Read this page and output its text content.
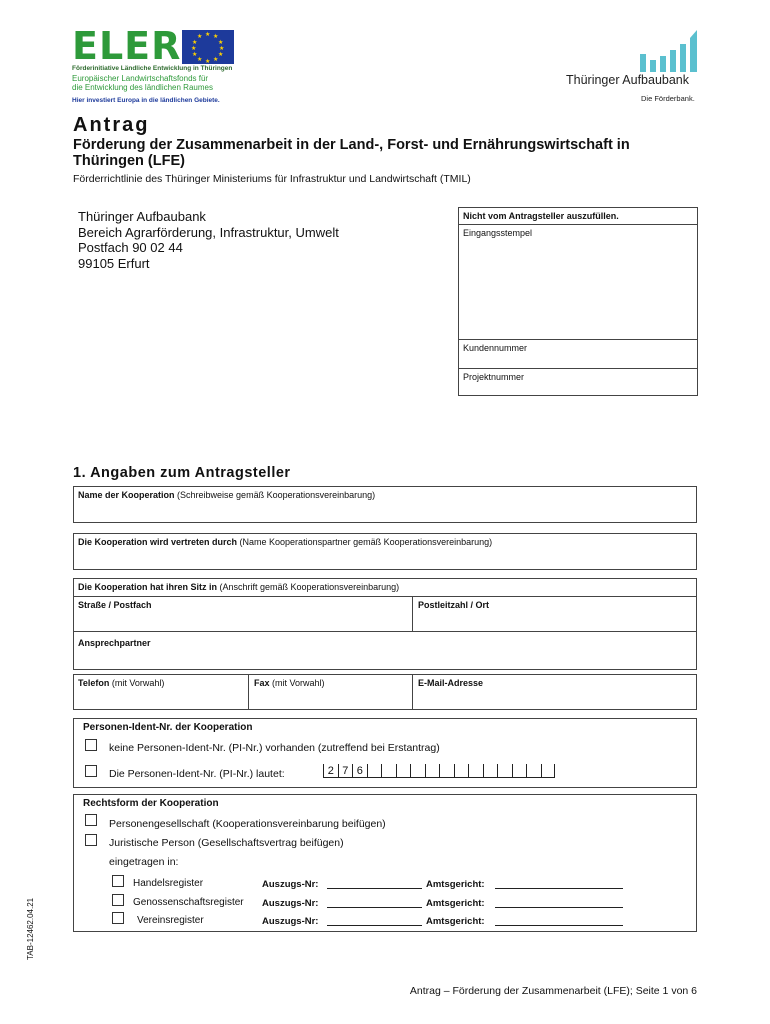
ELER	★ ★
★
★
★
★
★
★
★
★
★
★
Förderinitiative Ländliche Entwicklung in Thüringen
Europäischer Landwirtschaftsfonds für
die Entwicklung des ländlichen Raumes
Hier investiert Europa in die ländlichen Gebiete.
Thüringer Aufbaubank
Die Förderbank.
Antrag
Förderung der Zusammenarbeit in der Land-, Forst- und Ernährungswirtschaft in Thüringen (LFE)
Förderrichtlinie des Thüringer Ministeriums für Infrastruktur und Landwirtschaft (TMIL)
Thüringer Aufbaubank
Bereich Agrarförderung, Infrastruktur, Umwelt
Postfach 90 02 44
99105 Erfurt
Nicht vom Antragsteller auszufüllen.
Eingangsstempel
Kundennummer
Projektnummer
1. Angaben zum Antragsteller
Name der Kooperation (Schreibweise gemäß Kooperationsvereinbarung)
Die Kooperation wird vertreten durch (Name Kooperationspartner gemäß Kooperationsvereinbarung)
Die Kooperation hat ihren Sitz in (Anschrift gemäß Kooperationsvereinbarung)
Straße / Postfach	Postleitzahl / Ort
Ansprechpartner
Telefon (mit Vorwahl)	Fax (mit Vorwahl)	E-Mail-Adresse
Personen-Ident-Nr. der Kooperation
keine Personen-Ident-Nr. (PI-Nr.) vorhanden (zutreffend bei Erstantrag)
Die Personen-Ident-Nr. (PI-Nr.) lautet:	2 7 6
Rechtsform der Kooperation
Personengesellschaft (Kooperationsvereinbarung beifügen)
Juristische Person (Gesellschaftsvertrag beifügen)
eingetragen in:
Handelsregister	Auszugs-Nr:	Amtsgericht:
Genossenschaftsregister Auszugs-Nr:	Amtsgericht:
Vereinsregister	Auszugs-Nr:	Amtsgericht:
TAB-12462.04.21
Antrag – Förderung der Zusammenarbeit (LFE); Seite 1 von 6
